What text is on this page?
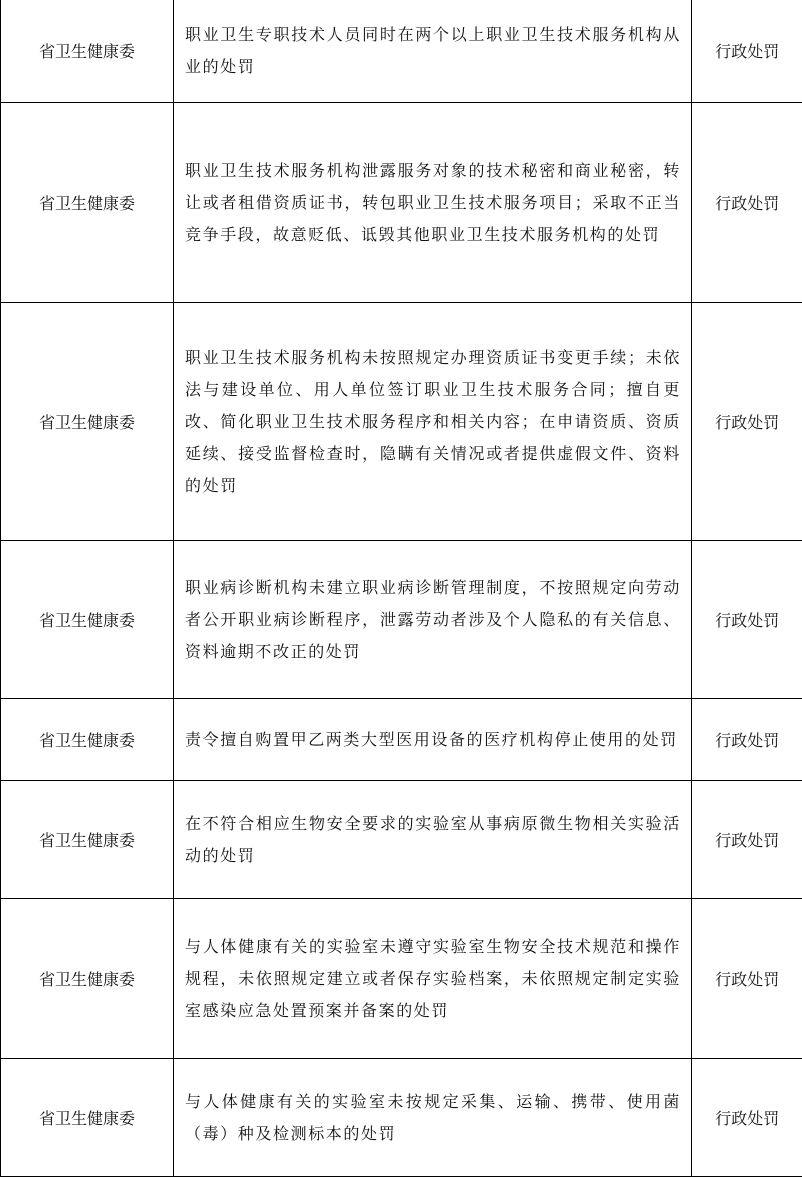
省卫生健康委	职业卫生专职技术人员同时在两个以上职业卫生技术服务机构从业的处罚	行政处罚
省卫生健康委	职业卫生技术服务机构泄露服务对象的技术秘密和商业秘密，转让或者租借资质证书，转包职业卫生技术服务项目；采取不正当竞争手段，故意贬低、诋毁其他职业卫生技术服务机构的处罚	行政处罚
省卫生健康委	职业卫生技术服务机构未按照规定办理资质证书变更手续；未依法与建设单位、用人单位签订职业卫生技术服务合同；擅自更改、简化职业卫生技术服务程序和相关内容；在申请资质、资质延续、接受监督检查时，隐瞒有关情况或者提供虚假文件、资料的处罚	行政处罚
省卫生健康委	职业病诊断机构未建立职业病诊断管理制度，不按照规定向劳动者公开职业病诊断程序，泄露劳动者涉及个人隐私的有关信息、资料逾期不改正的处罚	行政处罚
省卫生健康委	责令擅自购置甲乙两类大型医用设备的医疗机构停止使用的处罚	行政处罚
省卫生健康委	在不符合相应生物安全要求的实验室从事病原微生物相关实验活动的处罚	行政处罚
省卫生健康委	与人体健康有关的实验室未遵守实验室生物安全技术规范和操作规程，未依照规定建立或者保存实验档案，未依照规定制定实验室感染应急处置预案并备案的处罚	行政处罚
省卫生健康委	与人体健康有关的实验室未按规定采集、运输、携带、使用菌（毒）种及检测标本的处罚	行政处罚
